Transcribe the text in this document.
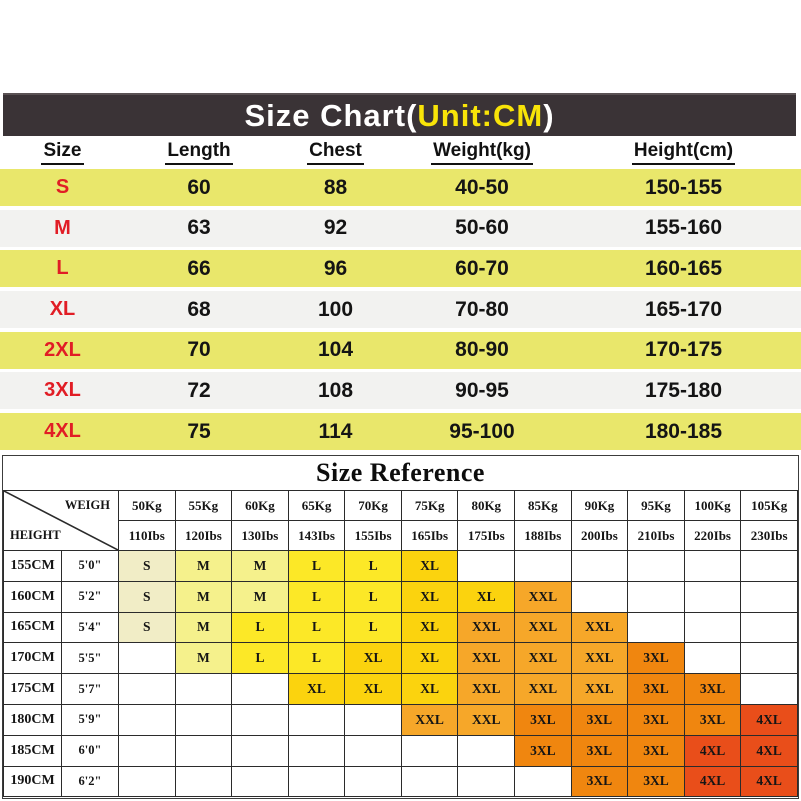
Size Chart( Unit:CM )
Size	Length	Chest	Weight(kg)	Height(cm)
S	60	88	40-50	150-155
M	63	92	50-60	155-160
L	66	96	60-70	160-165
XL	68	100	70-80	165-170
2XL	70	104	80-90	170-175
3XL	72	108	90-95	175-180
4XL	75	114	95-100	180-185
Size Reference
WEIGH
HEIGHT		50Kg	55Kg	60Kg	65Kg	70Kg	75Kg	80Kg	85Kg	90Kg	95Kg	100Kg	105Kg
		110Ibs	120Ibs	130Ibs	143Ibs	155Ibs	165Ibs	175Ibs	188Ibs	200Ibs	210Ibs	220Ibs	230Ibs
155CM	5'0"	S	M	M	L	L	XL						
160CM	5'2"	S	M	M	L	L	XL	XL	XXL				
165CM	5'4"	S	M	L	L	L	XL	XXL	XXL	XXL			
170CM	5'5"		M	L	L	XL	XL	XXL	XXL	XXL	3XL		
175CM	5'7"				XL	XL	XL	XXL	XXL	XXL	3XL	3XL	
180CM	5'9"						XXL	XXL	3XL	3XL	3XL	3XL	4XL
185CM	6'0"								3XL	3XL	3XL	4XL	4XL
190CM	6'2"									3XL	3XL	4XL	4XL
